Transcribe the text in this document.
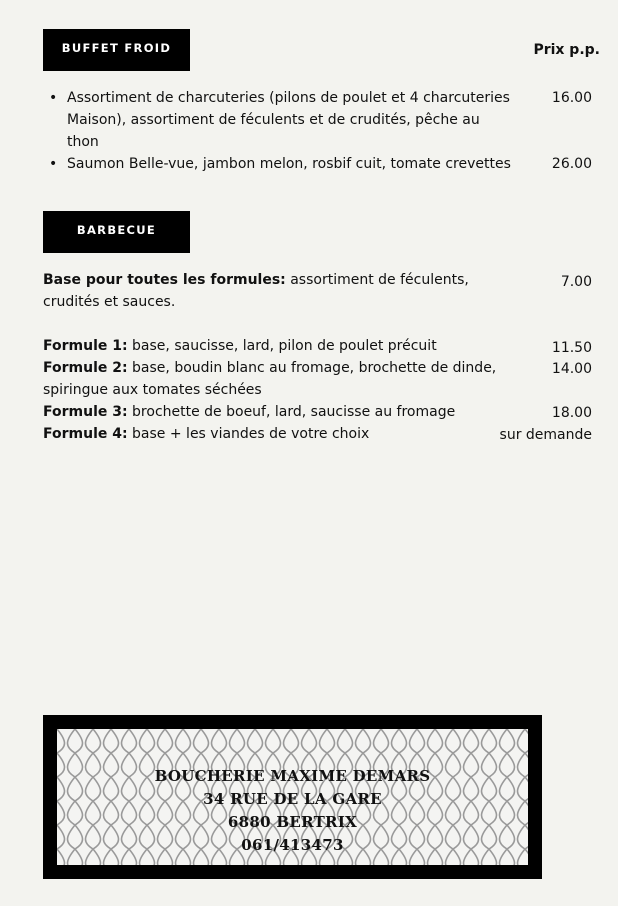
BUFFET FROID	Prix p.p.
• Assortiment de charcuteries (pilons de poulet et 4 charcuteries	16.00
Maison), assortiment de féculents et de crudités, pêche au
thon
• Saumon Belle-vue, jambon melon, rosbif cuit, tomate crevettes	26.00
BARBECUE
Base pour toutes les formules: assortiment de féculents,	7.00
crudités et sauces.
Formule 1: base, saucisse, lard, pilon de poulet précuit	11.50
Formule 2: base, boudin blanc au fromage, brochette de dinde,	14.00
spiringue aux tomates séchées
Formule 3: brochette de boeuf, lard, saucisse au fromage	18.00
Formule 4: base + les viandes de votre choix	sur demande
BOUCHERIE MAXIME DEMARS
34 RUE DE LA GARE
6880 BERTRIX
061/413473
